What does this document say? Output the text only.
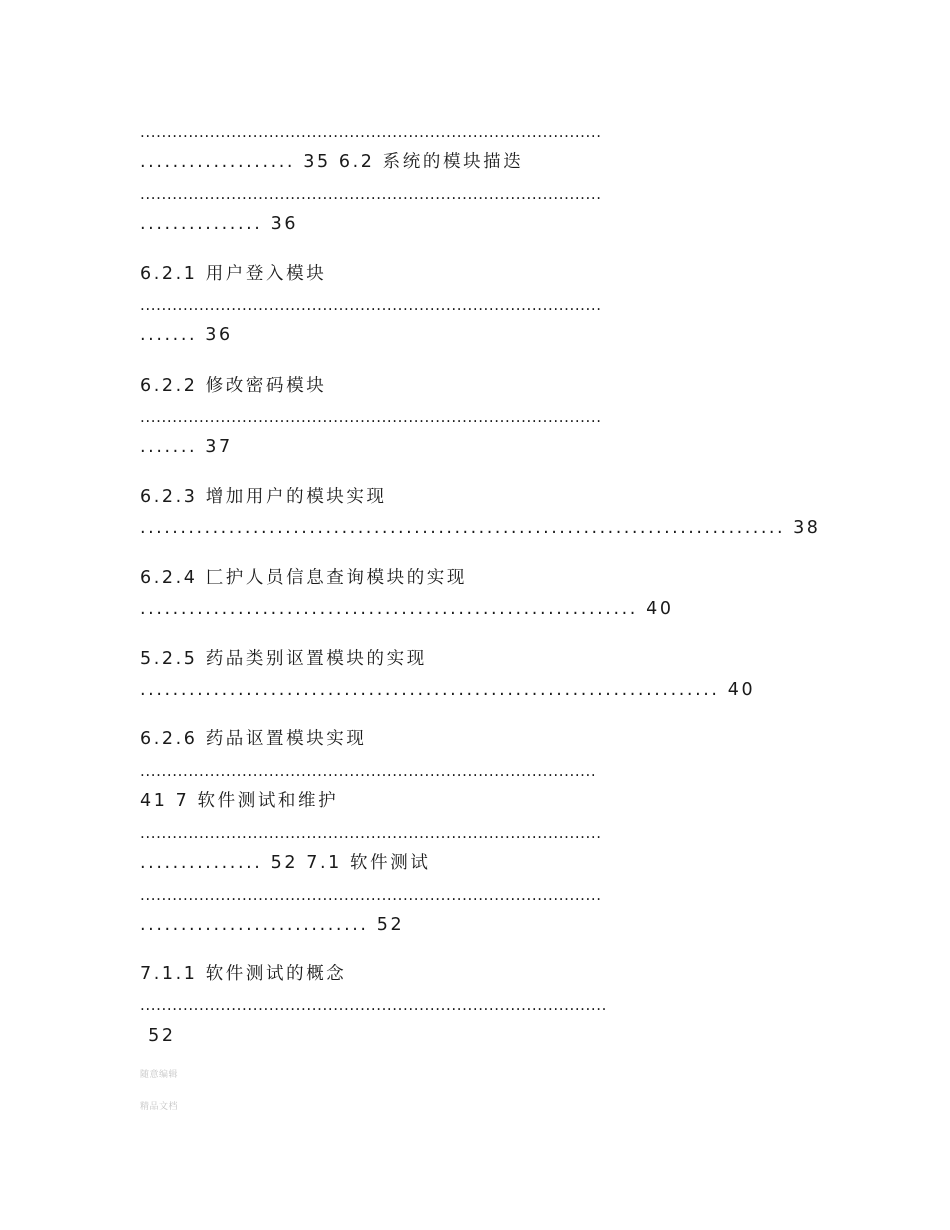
......................................................................................
................... 35 6.2 系统的模块描迭
......................................................................................
............... 36
6.2.1 用户登入模块
......................................................................................
....... 36
6.2.2 修改密码模块
......................................................................................
....... 37
6.2.3 增加用户的模块实现
................................................................................ 38
6.2.4 匚护人员信息查询模块的实现
............................................................. 40
5.2.5 药品类别讴置模块的实现
....................................................................... 40
6.2.6 药品讴置模块实现
.....................................................................................
41 7 软件测试和维护
......................................................................................
............... 52 7.1 软件测试
......................................................................................
............................ 52
7.1.1 软件测试的概念
.......................................................................................
52
随意编辑
精品文档
